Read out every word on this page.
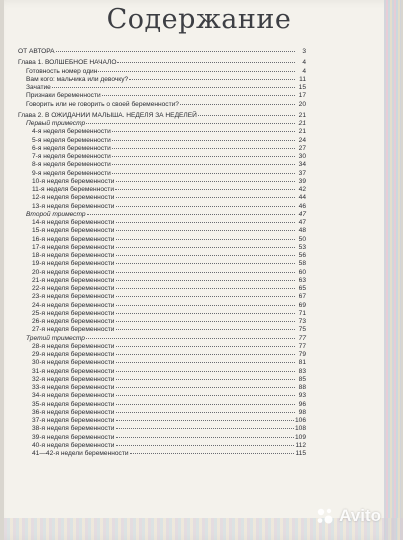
Содержание
ОТ АВТОРА	3
Глава 1. ВОЛШЕБНОЕ НАЧАЛО	4
Готовность номер один	4
Вам кого: мальчика или девочку?	11
Зачатие	15
Признаки беременности	17
Говорить или не говорить о своей беременности?	20
Глава 2. В ОЖИДАНИИ МАЛЫША. НЕДЕЛЯ ЗА НЕДЕЛЕЙ	21
Первый триместр	21
4-я неделя беременности	21
5-я неделя беременности	24
6-я неделя беременности	27
7-я неделя беременности	30
8-я неделя беременности	34
9-я неделя беременности	37
10-я неделя беременности	39
11-я неделя беременности	42
12-я неделя беременности	44
13-я неделя беременности	46
Второй триместр	47
14-я неделя беременности	47
15-я неделя беременности	48
16-я неделя беременности	50
17-я неделя беременности	53
18-я неделя беременности	56
19-я неделя беременности	58
20-я неделя беременности	60
21-я неделя беременности	63
22-я неделя беременности	65
23-я неделя беременности	67
24-я неделя беременности	69
25-я неделя беременности	71
26-я неделя беременности	73
27-я неделя беременности	75
Третий триместр	77
28-я неделя беременности	77
29-я неделя беременности	79
30-я неделя беременности	81
31-я неделя беременности	83
32-я неделя беременности	85
33-я неделя беременности	88
34-я неделя беременности	93
35-я неделя беременности	96
36-я неделя беременности	98
37-я неделя беременности	106
38-я неделя беременности	108
39-я неделя беременности	109
40-я неделя беременности	112
41—42-я недели беременности	115
Avito
